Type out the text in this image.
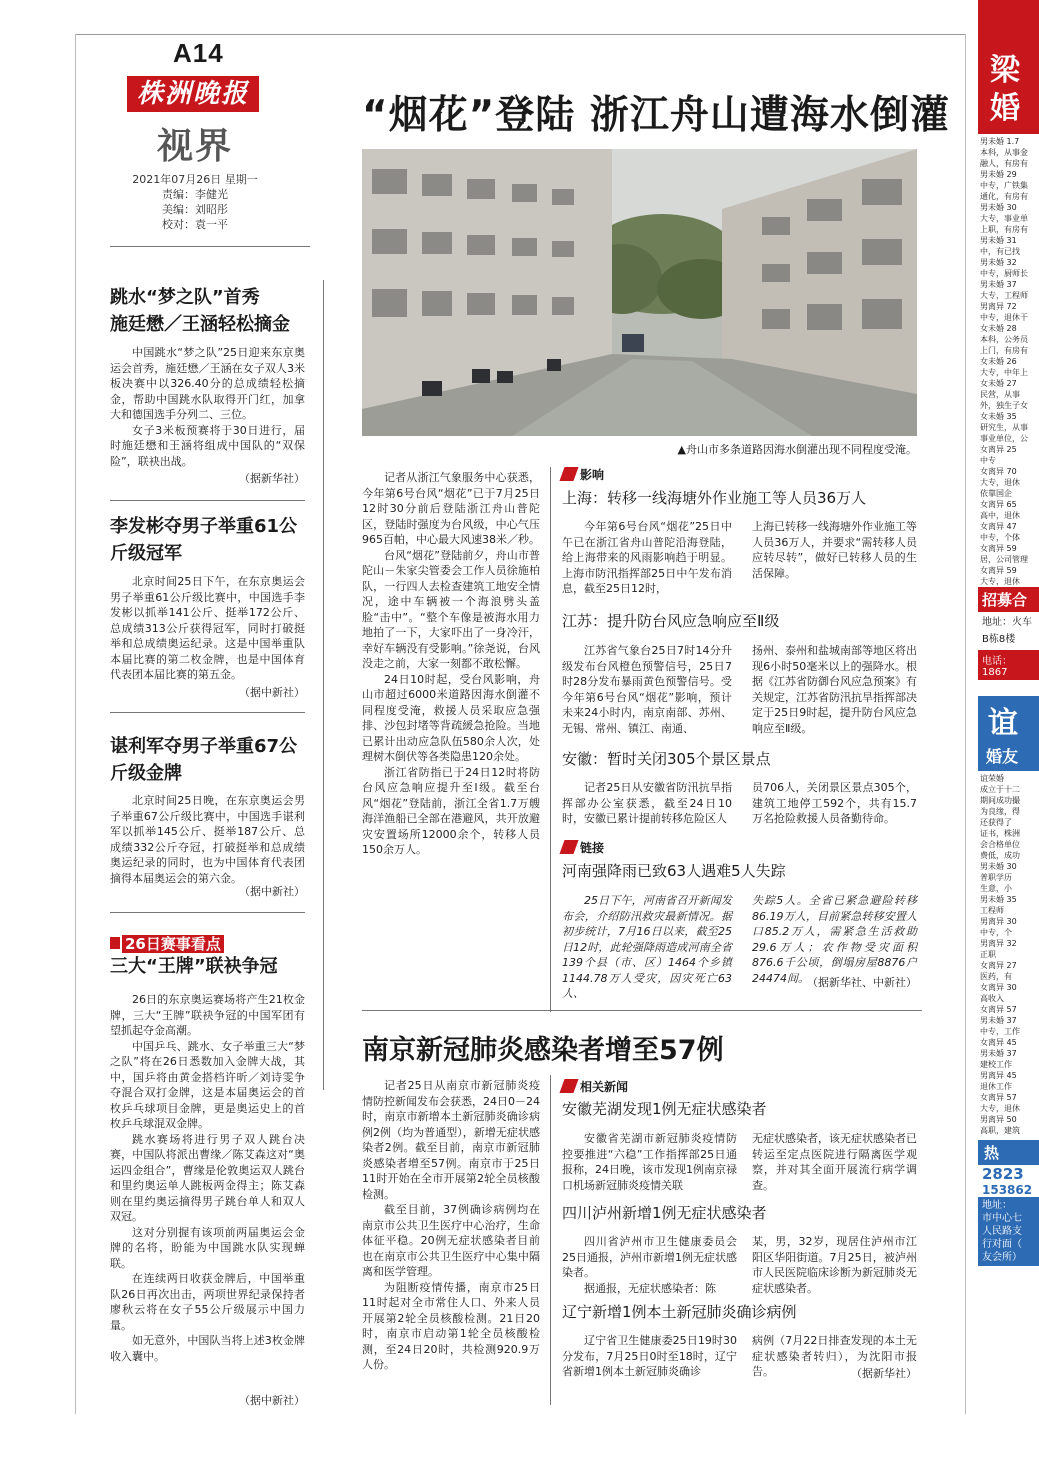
A14
株洲晚报
视界
2021年07月26日 星期一
责编：李健光
美编：刘昭彤
校对：袁一平
跳水“梦之队”首秀
施廷懋／王涵轻松摘金

中国跳水“梦之队”25日迎来东京奥运会首秀，施廷懋／王涵在女子双人3米板决赛中以326.40分的总成绩轻松摘金，帮助中国跳水队取得开门红，加拿大和德国选手分列二、三位。

女子3米板预赛将于30日进行，届时施廷懋和王涵将组成中国队的“双保险”，联袂出战。

（据新华社）
李发彬夺男子举重61公
斤级冠军

北京时间25日下午，在东京奥运会男子举重61公斤级比赛中，中国选手李发彬以抓举141公斤、挺举172公斤、总成绩313公斤获得冠军，同时打破挺举和总成绩奥运纪录。这是中国举重队本届比赛的第二枚金牌，也是中国体育代表团本届比赛的第五金。

（据中新社）
谌利军夺男子举重67公
斤级金牌

北京时间25日晚，在东京奥运会男子举重67公斤级比赛中，中国选手谌利军以抓举145公斤、挺举187公斤、总成绩332公斤夺冠，打破挺举和总成绩奥运纪录的同时，也为中国体育代表团摘得本届奥运会的第六金。

（据中新社）
26日赛事看点
三大“王牌”联袂争冠

26日的东京奥运赛场将产生21枚金牌，三大“王牌”联袂争冠的中国军团有望抓起夺金高潮。

中国乒乓、跳水、女子举重三大“梦之队”将在26日悉数加入金牌大战，其中，国乒将由黄金搭档许昕／刘诗雯争夺混合双打金牌，这是本届奥运会的首枚乒乓球项目金牌，更是奥运史上的首枚乒乓球混双金牌。

跳水赛场将进行男子双人跳台决赛，中国队将派出曹缘／陈艾森这对“奥运四金组合”，曹缘是伦敦奥运双人跳台和里约奥运单人跳板两金得主；陈艾森则在里约奥运摘得男子跳台单人和双人双冠。

这对分别握有该项前两届奥运会金牌的名将，盼能为中国跳水队实现蝉联。

在连续两日收获金牌后，中国举重队26日再次出击，两项世界纪录保持者廖秋云将在女子55公斤级展示中国力量。

如无意外，中国队当将上述3枚金牌收入囊中。

（据中新社）
“烟花”登陆 浙江舟山遭海水倒灌
▲舟山市多条道路因海水倒灌出现不同程度受淹。

记者从浙江气象服务中心获悉，今年第6号台风“烟花”已于7月25日12时30分前后登陆浙江舟山普陀区，登陆时强度为台风级，中心气压965百帕，中心最大风速38米／秒。

台风“烟花”登陆前夕，舟山市普陀山－朱家尖管委会工作人员徐施柏队，一行四人去检查建筑工地安全情况，途中车辆被一个海浪劈头盖脸“击中”。“整个车像是被海水用力地拍了一下，大家吓出了一身冷汗，幸好车辆没有受影响。”徐尧说，台风没走之前，大家一刻都不敢松懈。

24日10时起，受台风影响，舟山市超过6000米道路因海水倒灌不同程度受淹，救援人员采取应急强排、沙包封堵等背疏緩急抢险。当地已累计出动应急队伍580余人次，处理树木倒伏等各类隐患120余处。

浙江省防指已于24日12时将防台风应急响应提升至Ⅰ级。截至台风“烟花”登陆前，浙江全省1.7万艘海洋渔船已全部在港避风，共开放避灾安置场所12000余个，转移人员150余万人。

影响
上海：转移一线海塘外作业施工等人员36万人

今年第6号台风“烟花”25日中午已在浙江省舟山普陀沿海登陆，给上海带来的风雨影响趋于明显。上海市防汛指挥部25日中午发布消息，截至25日12时，

上海已转移一线海塘外作业施工等人员36万人，并要求“需转移人员应转尽转”，做好已转移人员的生活保障。

江苏：提升防台风应急响应至Ⅱ级

江苏省气象台25日7时14分升级发布台风橙色预警信号，25日7时28分发布暴雨黄色预警信号。受今年第6号台风“烟花”影响，预计未来24小时内，南京南部、苏州、无锡、常州、镇江、南通、

扬州、泰州和盐城南部等地区将出现6小时50毫米以上的强降水。根据《江苏省防御台风应急预案》有关规定，江苏省防汛抗旱指挥部决定于25日9时起，提升防台风应急响应至Ⅱ级。

安徽：暂时关闭305个景区景点

记者25日从安徽省防汛抗旱指挥部办公室获悉，截至24日10时，安徽已累计提前转移危险区人

员706人，关闭景区景点305个，建筑工地停工592个，共有15.7万名抢险救援人员备勤待命。

链接
河南强降雨已致63人遇难5人失踪

25日下午，河南省召开新闻发布会，介绍防汛救灾最新情况。据初步统计，7月16日以来，截至25日12时，此轮强降雨造成河南全省139个县（市、区）1464个乡镇1144.78万人受灾，因灾死亡63人、

失踪5人。全省已紧急避险转移86.19万人，目前紧急转移安置人口85.2万人，需紧急生活救助29.6万人；农作物受灾面积876.6千公顷，倒塌房屋8876户24474间。

（据新华社、中新社）
南京新冠肺炎感染者增至57例

记者25日从南京市新冠肺炎疫情防控新闻发布会获悉，24日0－24时，南京市新增本土新冠肺炎确诊病例2例（均为普通型），新增无症状感染者2例。截至目前，南京市新冠肺炎感染者增至57例。南京市于25日11时开始在全市开展第2轮全员核酸检测。

截至目前，37例确诊病例均在南京市公共卫生医疗中心治疗，生命体征平稳。20例无症状感染者目前也在南京市公共卫生医疗中心集中隔离和医学管理。

为阻断疫情传播，南京市25日11时起对全市常住人口、外来人员开展第2轮全员核酸检测。21日20时，南京市启动第1轮全员核酸检测，至24日20时，共检测920.9万人份。

相关新闻
安徽芜湖发现1例无症状感染者

安徽省芜湖市新冠肺炎疫情防控要推进“六稳”工作指挥部25日通报称，24日晚，该市发现1例南京禄口机场新冠肺炎疫情关联

无症状感染者，该无症状感染者已转运至定点医院进行隔离医学观察，并对其全面开展流行病学调查。

四川泸州新增1例无症状感染者

四川省泸州市卫生健康委员会25日通报，泸州市新增1例无症状感染者。

据通报，无症状感染者：陈

某，男，32岁，现居住泸州市江阳区华阳街道。7月25日，被泸州市人民医院临床诊断为新冠肺炎无症状感染者。

辽宁新增1例本土新冠肺炎确诊病例

辽宁省卫生健康委25日19时30分发布，7月25日0时至18时，辽宁省新增1例本土新冠肺炎确诊

病例（7月22日排查发现的本土无症状感染者转归），为沈阳市报告。	（据新华社）
梁
婚
男未婚 1.7
本科，从事金
融人，有房有
男未婚 29
中专，广铁集
通化，有房有
男未婚 30
大专，事业单
上职，有房有
男未婚 31
中，有已找
男未婚 32
中专，厨师长
男未婚 37
大专，工程师
男离异 72
中专，退休干
女未婚 28
本科，公务员
上门，有房有
女未婚 26
大专，中年上
女未婚 27
民营，从事
外，独生子女
女未婚 35
研究生，从事
事业单位，公
女离异 25
中专
女离异 70
大专，退休
依靠国企
女离异 65
高中，退休
女离异 47
中专，个体
女离异 59
居，公司管理
女离异 59
大专，退休
招募合
地址：火车
B栋8楼
电话：1867
谊
婚友
谊荣婚
成立于十二
期间成功撮
为良缘，得
还获得了
证书，株洲
会合格单位
费低，成功
男未婚 30
普职学历
生意，小
男未婚 35
工程师
男离异 30
中专，个
男离异 32
正职
女离异 27
医药，有
女离异 30
高收入
女离异 57
男未婚 37
中专，工作
女离异 45
男未婚 37
建校工作
男离异 45
退休工作
女离异 57
大专，退休
男离异 50
高职，建筑
热
2823
153862
地址：
市中心七
人民路支
行对面（
友会所）
